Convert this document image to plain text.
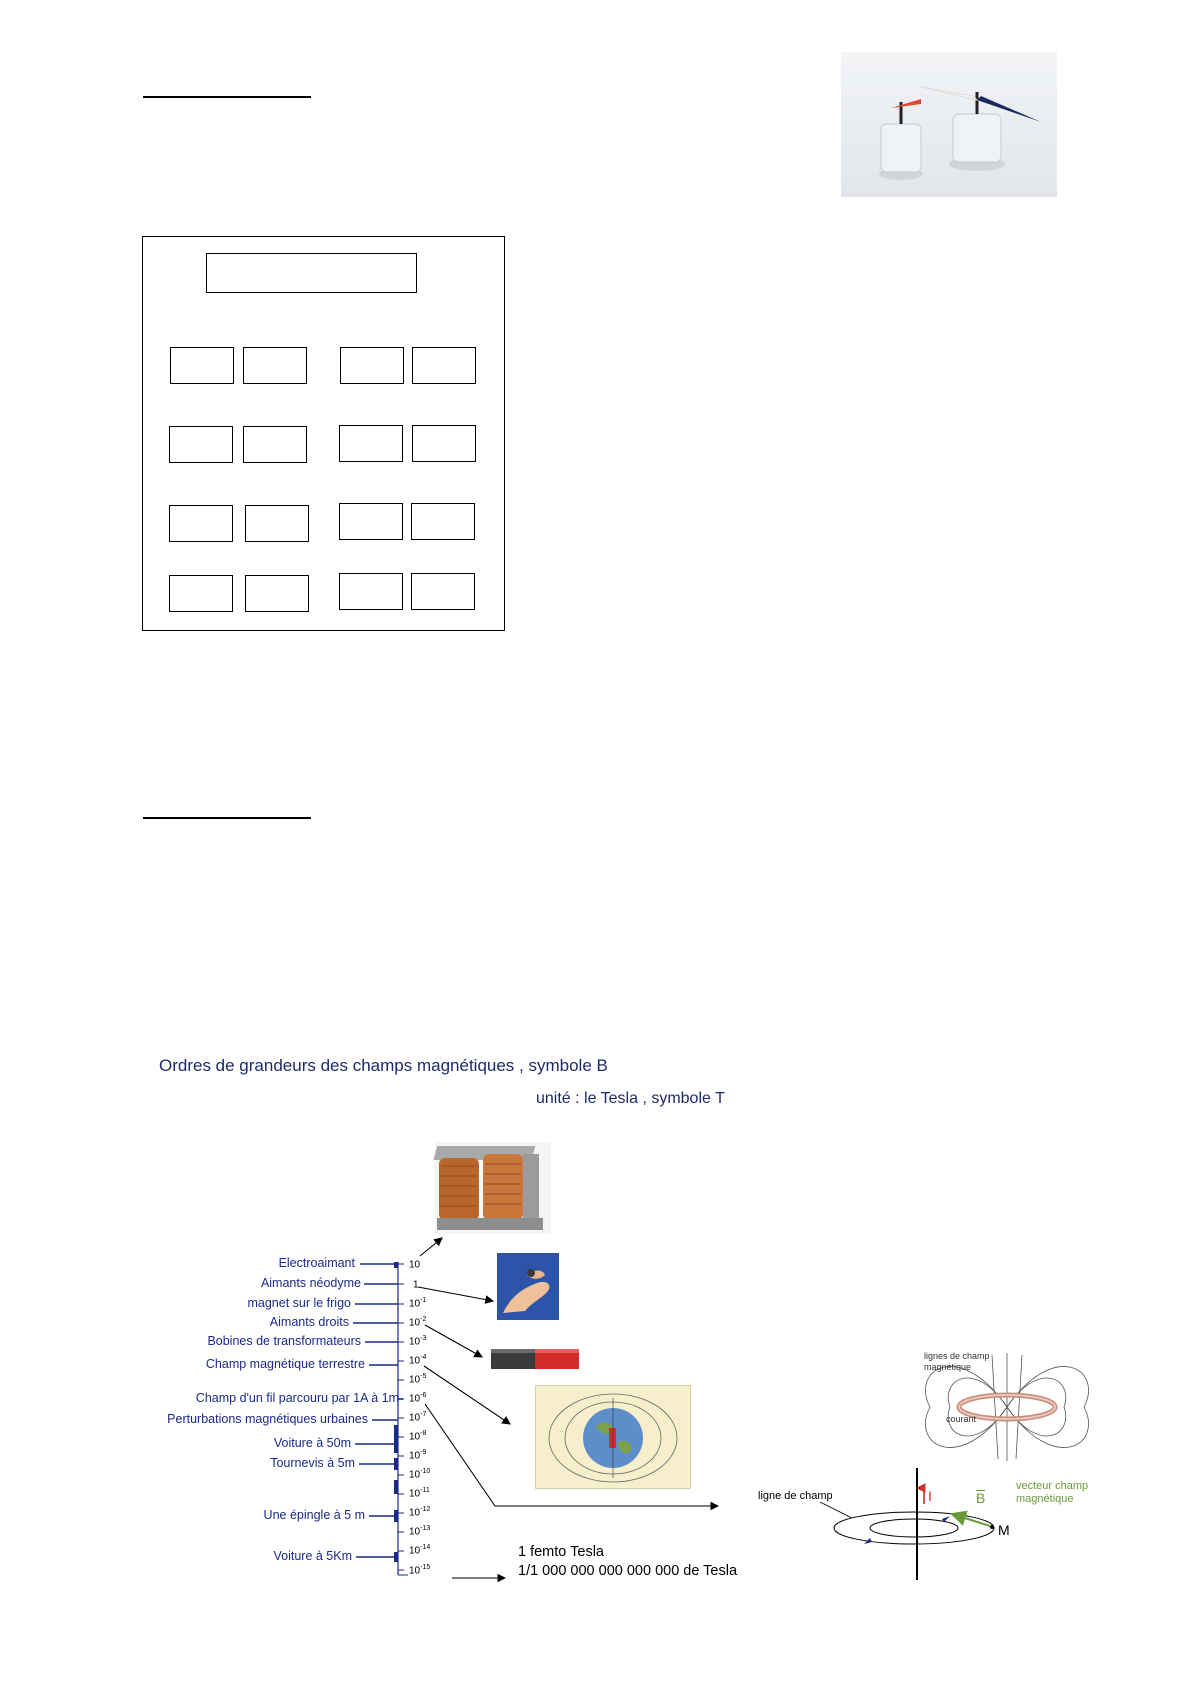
Ordres de grandeurs des champs magnétiques , symbole B
unité : le Tesla , symbole T
Electroaimant
Aimants néodyme
magnet sur le frigo
Aimants droits
Bobines de transformateurs
Champ magnétique terrestre
Champ d'un fil parcouru par 1A à 1m
Perturbations magnétiques urbaines
Voiture à 50m
Tournevis à 5m
Une épingle à 5 m
Voiture à 5Km
10
1
$10^{-1}$
$10^{-2}$
$10^{-3}$
$10^{-4}$
$10^{-5}$
$10^{-6}$
$10^{-7}$
$10^{-8}$
$10^{-9}$
$10^{-10}$
$10^{-11}$
$10^{-12}$
$10^{-13}$
$10^{-14}$
$10^{-15}$
1 femto Tesla
1/1 000 000 000 000 000 de Tesla
lignes de champ magnétique
courant
ligne de champ	I	B
vecteur champ magnétique
M
